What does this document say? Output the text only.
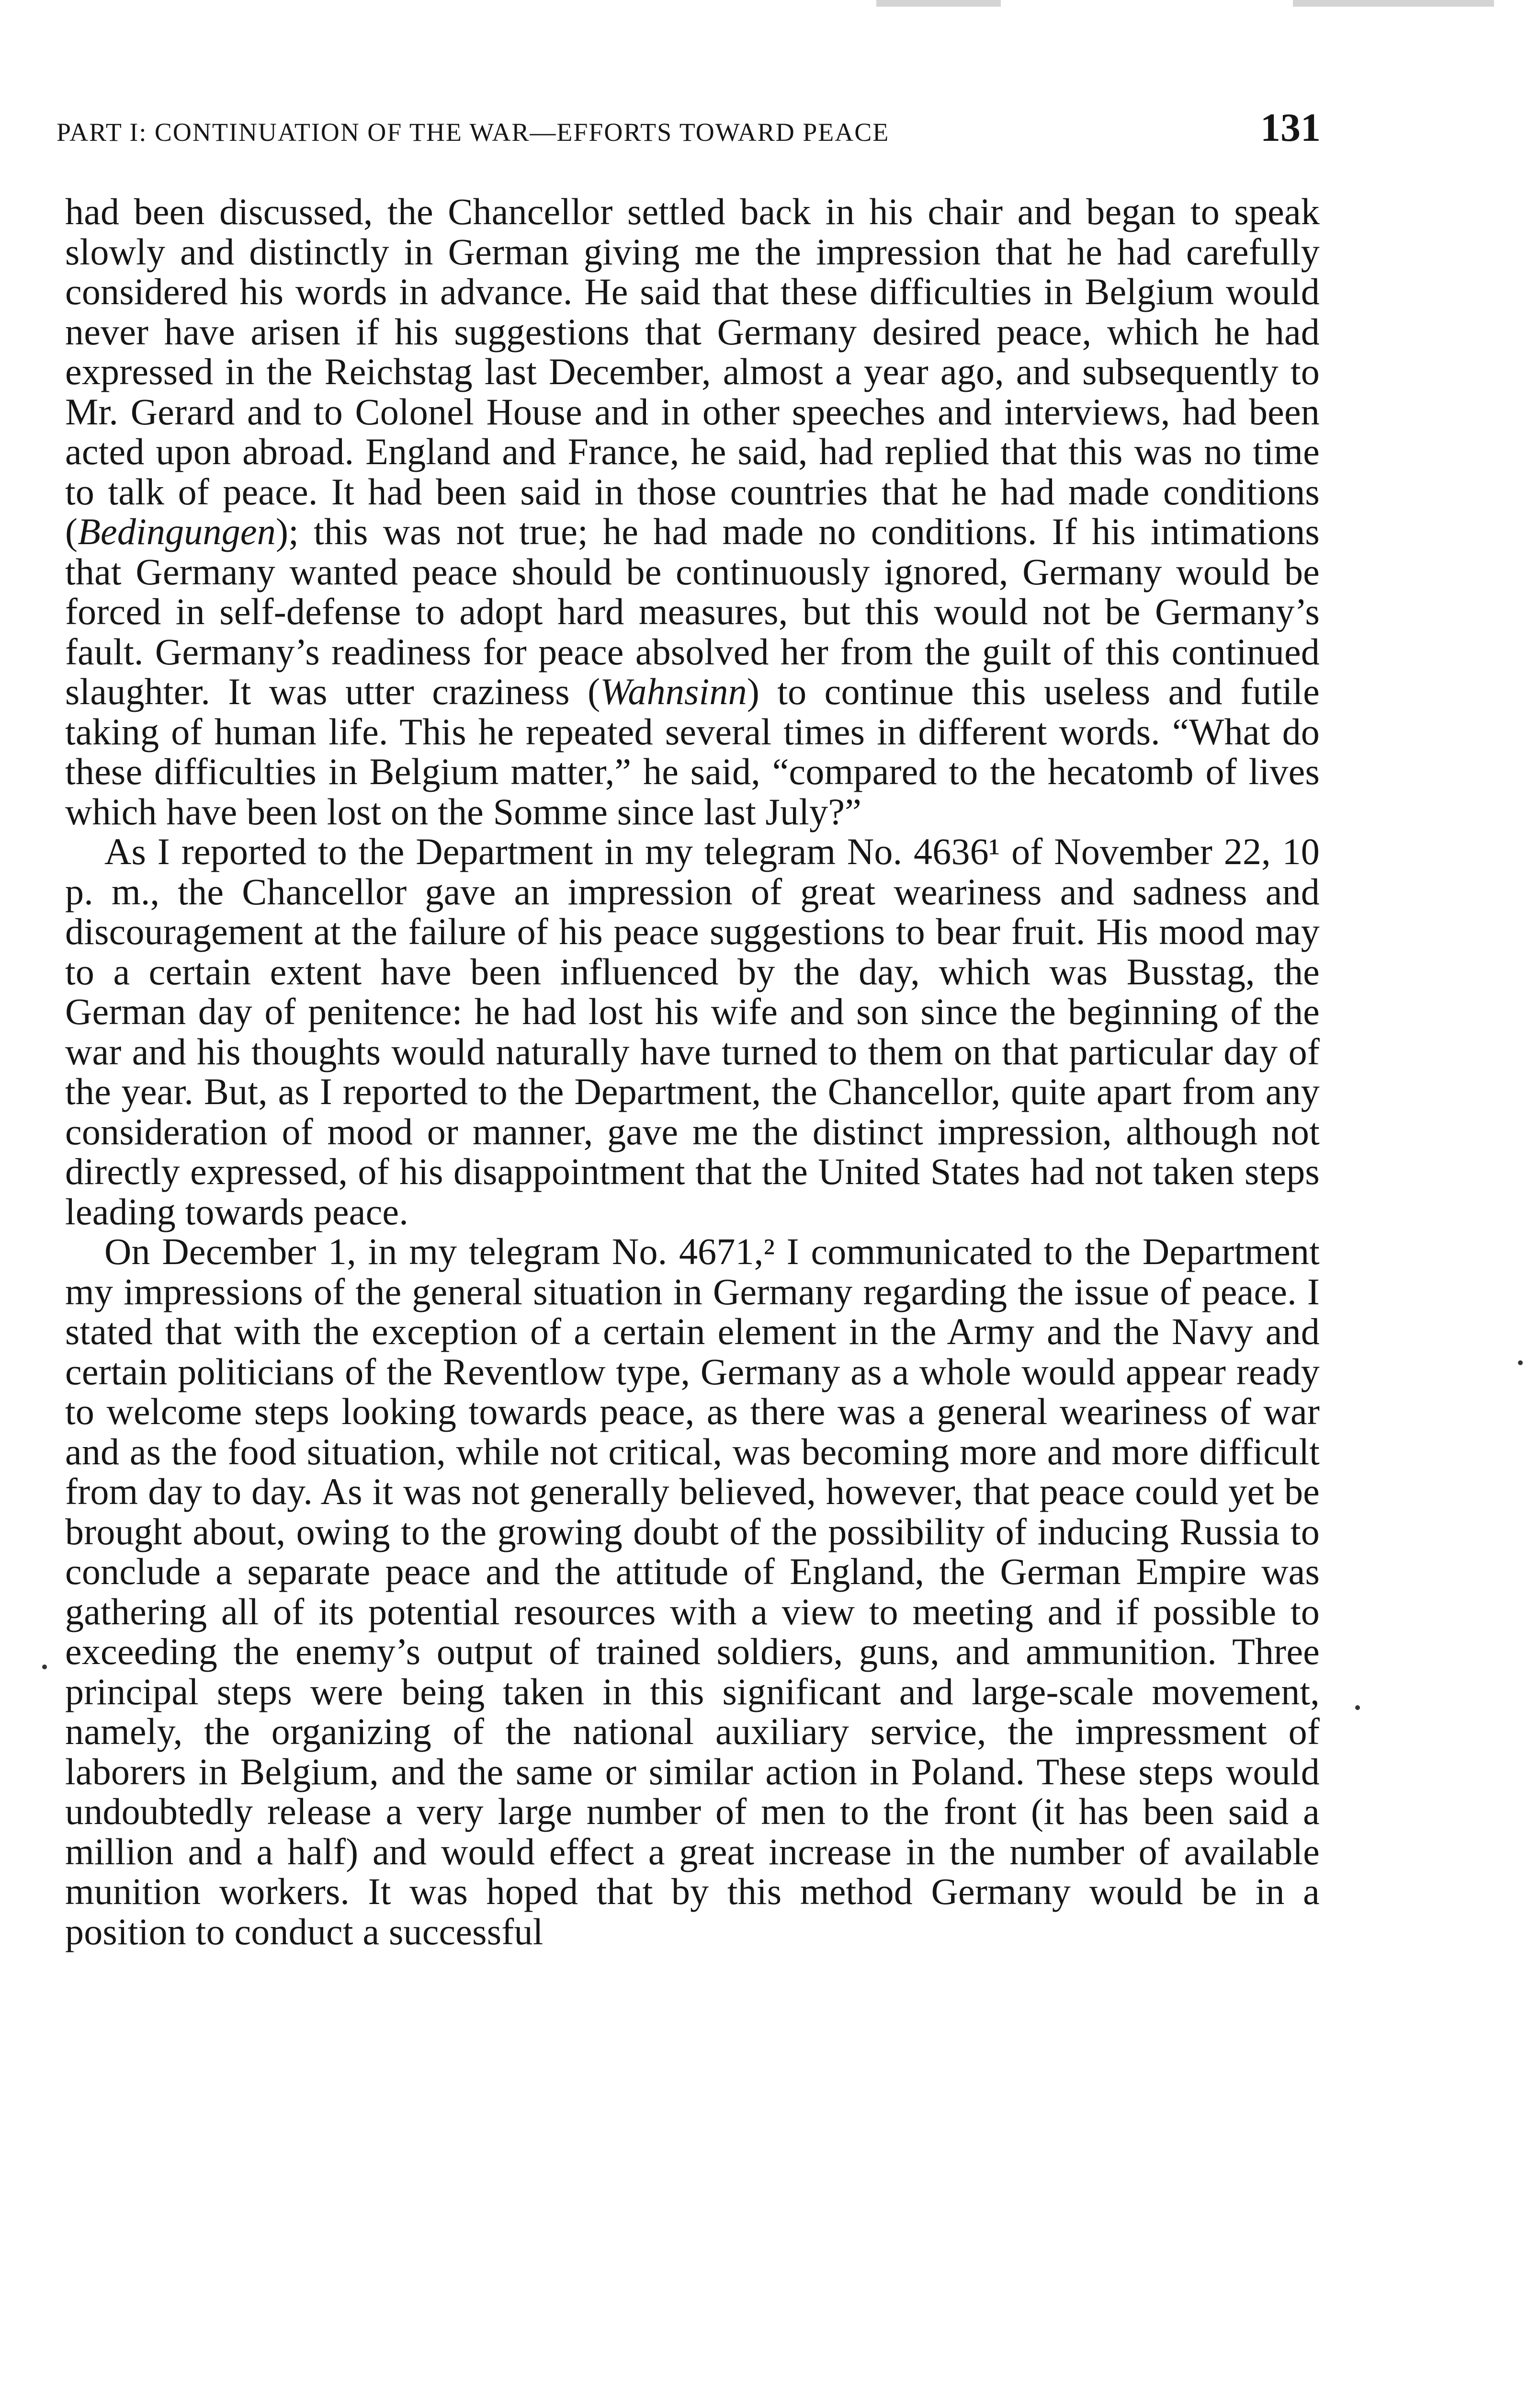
PART I: CONTINUATION OF THE WAR—EFFORTS TOWARD PEACE	131

had been discussed, the Chancellor settled back in his chair and began to speak slowly and distinctly in German giving me the impression that he had carefully considered his words in advance. He said that these difficulties in Belgium would never have arisen if his suggestions that Germany desired peace, which he had expressed in the Reichstag last December, almost a year ago, and subsequently to Mr. Gerard and to Colonel House and in other speeches and interviews, had been acted upon abroad. England and France, he said, had replied that this was no time to talk of peace. It had been said in those countries that he had made conditions (Bedingungen); this was not true; he had made no conditions. If his intimations that Germany wanted peace should be continuously ignored, Germany would be forced in self-defense to adopt hard measures, but this would not be Germany’s fault. Germany’s readiness for peace absolved her from the guilt of this continued slaughter. It was utter craziness (Wahnsinn) to continue this useless and futile taking of human life. This he repeated several times in different words. “What do these difficulties in Belgium matter,” he said, “compared to the hecatomb of lives which have been lost on the Somme since last July?”

As I reported to the Department in my telegram No. 4636¹ of November 22, 10 p. m., the Chancellor gave an impression of great weariness and sadness and discouragement at the failure of his peace suggestions to bear fruit. His mood may to a certain extent have been influenced by the day, which was Busstag, the German day of penitence: he had lost his wife and son since the beginning of the war and his thoughts would naturally have turned to them on that particular day of the year. But, as I reported to the Department, the Chancellor, quite apart from any consideration of mood or manner, gave me the distinct impression, although not directly expressed, of his disappointment that the United States had not taken steps leading towards peace.

On December 1, in my telegram No. 4671,² I communicated to the Department my impressions of the general situation in Germany regarding the issue of peace. I stated that with the exception of a certain element in the Army and the Navy and certain politicians of the Reventlow type, Germany as a whole would appear ready to welcome steps looking towards peace, as there was a general weariness of war and as the food situation, while not critical, was becoming more and more difficult from day to day. As it was not generally believed, however, that peace could yet be brought about, owing to the growing doubt of the possibility of inducing Russia to conclude a separate peace and the attitude of England, the German Empire was gathering all of its potential resources with a view to meeting and if possible to exceeding the enemy’s output of trained soldiers, guns, and ammunition. Three principal steps were being taken in this significant and large-scale movement, namely, the organizing of the national auxiliary service, the impressment of laborers in Belgium, and the same or similar action in Poland. These steps would undoubtedly release a very large number of men to the front (it has been said a million and a half) and would effect a great increase in the number of available munition workers. It was hoped that by this method Germany would be in a position to conduct a successful
